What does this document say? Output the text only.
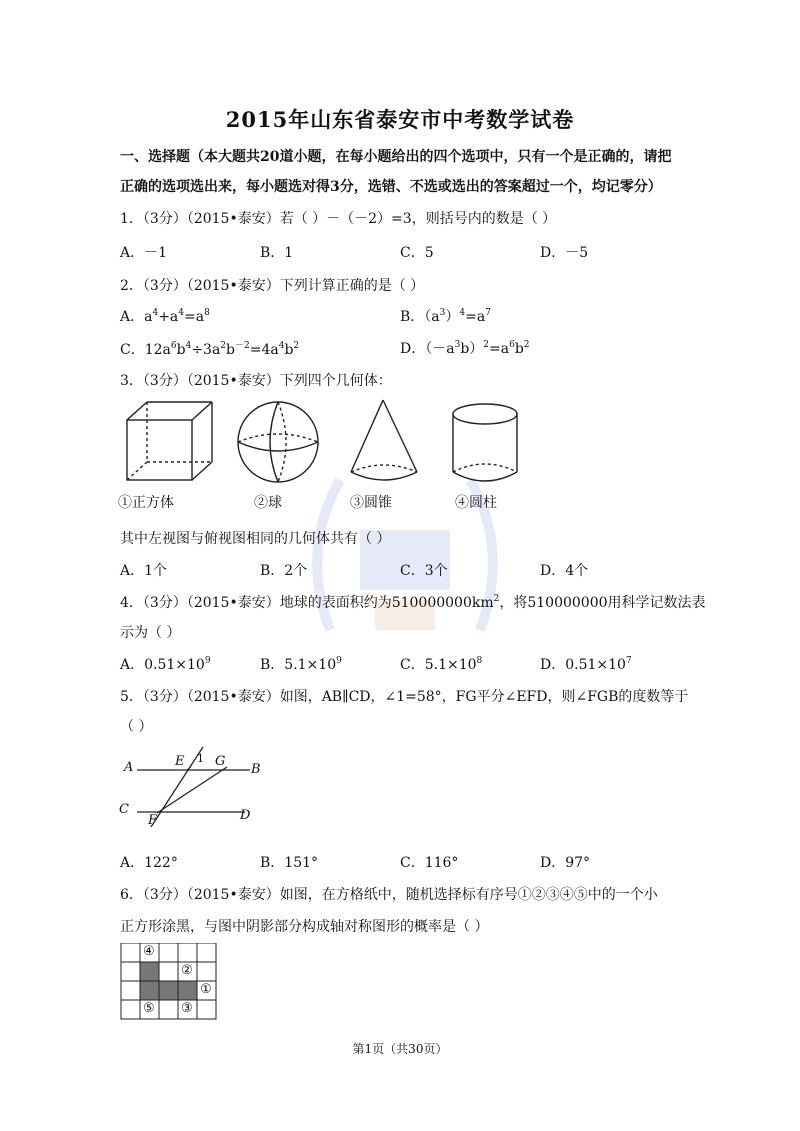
2015年山东省泰安市中考数学试卷
一、选择题（本大题共20道小题，在每小题给出的四个选项中，只有一个是正确的，请把
正确的选项选出来，每小题选对得3分，选错、不选或选出的答案超过一个，均记零分）
1．（3分）（2015•泰安）若（ ）－（－2）=3，则括号内的数是（ ）
A．－1	B．1	C．5	D．－5
2．（3分）（2015•泰安）下列计算正确的是（ ）
A．$a^4+a^4=a^8$	B．$(a^3)^4=a^7$
C．$12a^6b^4\div 3a^2b^{-2}=4a^4b^2$	D．$(-a^3b)^2=a^6b^2$
3．（3分）（2015•泰安）下列四个几何体：
①正方体	②球	③圆锥	④圆柱
其中左视图与俯视图相同的几何体共有（ ）
A．1个	B．2个	C．3个	D．4个
4．（3分）（2015•泰安）地球的表面积约为$510000000km^2$，将510000000用科学记数法表
示为（ ）
A．$0.51\times 10^9$	B．$5.1\times 10^9$	C．$5.1\times 10^8$	D．$0.51\times 10^7$
5．（3分）（2015•泰安）如图，AB∥CD，∠1=58°，FG平分∠EFD，则∠FGB的度数等于
（ ）
A	B
C	D
E
F
G
1
A．122°	B．151°	C．116°	D．97°
6．（3分）（2015•泰安）如图，在方格纸中，随机选择标有序号①②③④⑤中的一个小
正方形涂黑，与图中阴影部分构成轴对称图形的概率是（ ）
④
②
①
⑤ ③
第1页（共30页）
